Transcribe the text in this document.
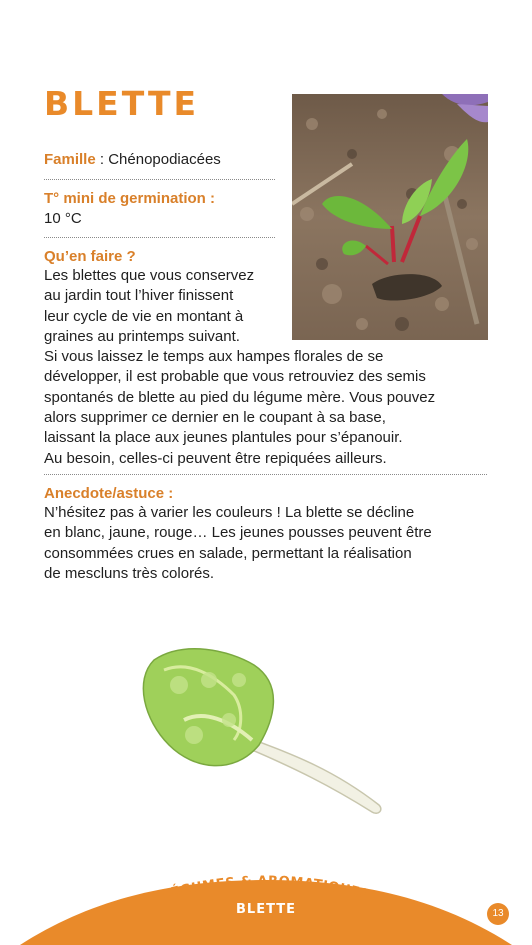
BLETTE
Famille : Chénopodiacées
T° mini de germination :
10 °C
Qu’en faire ?
Les blettes que vous conservez
au jardin tout l’hiver finissent
leur cycle de vie en montant à
graines au printemps suivant.
Si vous laissez le temps aux hampes florales de se
développer, il est probable que vous retrouviez des semis
spontanés de blette au pied du légume mère. Vous pouvez
alors supprimer ce dernier en le coupant à sa base,
laissant la place aux jeunes plantules pour s’épanouir.
Au besoin, celles-ci peuvent être repiquées ailleurs.
Anecdote/astuce :
N’hésitez pas à varier les couleurs ! La blette se décline
en blanc, jaune, rouge… Les jeunes pousses peuvent être
consommées crues en salade, permettant la réalisation
de mescluns très colorés.
LÉGUMES & AROMATIQUES
BLETTE	13
